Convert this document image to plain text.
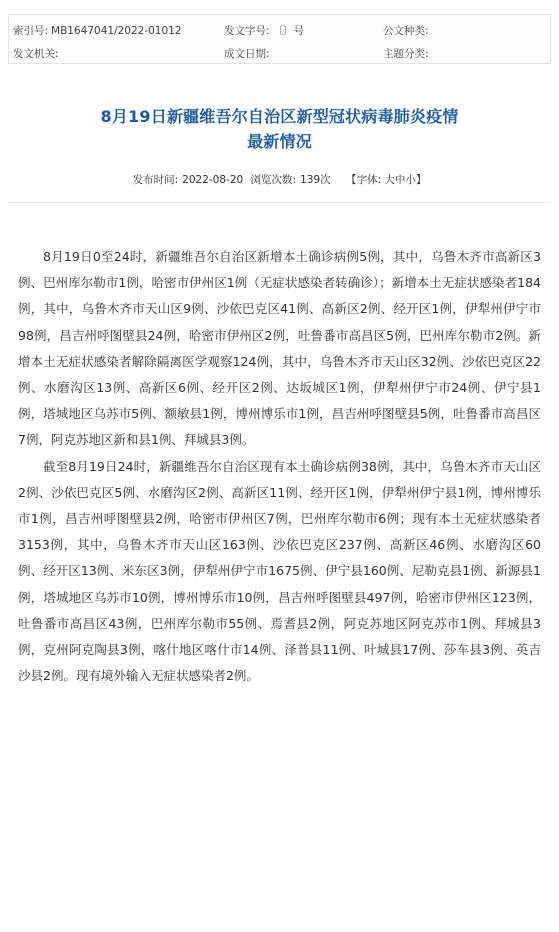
索引号: MB1647041/2022-01012	发文字号: 〔〕号	公文种类:
发文机关:	成文日期:	主题分类:
8月19日新疆维吾尔自治区新型冠状病毒肺炎疫情
最新情况
发布时间: 2022-08-20 浏览次数: 139次 【字体: 大中小】

8月19日0至24时，新疆维吾尔自治区新增本土确诊病例5例，其中，乌鲁木齐市高新区3例、巴州库尔勒市1例，哈密市伊州区1例（无症状感染者转确诊）；新增本土无症状感染者184例，其中，乌鲁木齐市天山区9例、沙依巴克区41例、高新区2例、经开区1例，伊犁州伊宁市98例，昌吉州呼图壁县24例，哈密市伊州区2例，吐鲁番市高昌区5例，巴州库尔勒市2例。新增本土无症状感染者解除隔离医学观察124例，其中，乌鲁木齐市天山区32例、沙依巴克区22例、水磨沟区13例、高新区6例、经开区2例、达坂城区1例，伊犁州伊宁市24例、伊宁县1例，塔城地区乌苏市5例、额敏县1例，博州博乐市1例，昌吉州呼图壁县5例，吐鲁番市高昌区7例，阿克苏地区新和县1例、拜城县3例。

截至8月19日24时，新疆维吾尔自治区现有本土确诊病例38例，其中，乌鲁木齐市天山区2例、沙依巴克区5例、水磨沟区2例、高新区11例、经开区1例，伊犁州伊宁县1例，博州博乐市1例，昌吉州呼图壁县2例，哈密市伊州区7例，巴州库尔勒市6例；现有本土无症状感染者3153例，其中，乌鲁木齐市天山区163例、沙依巴克区237例、高新区46例、水磨沟区60例、经开区13例、米东区3例，伊犁州伊宁市1675例、伊宁县160例、尼勒克县1例、新源县1例，塔城地区乌苏市10例，博州博乐市10例，昌吉州呼图壁县497例，哈密市伊州区123例，吐鲁番市高昌区43例，巴州库尔勒市55例、焉耆县2例，阿克苏地区阿克苏市1例、拜城县3例，克州阿克陶县3例，喀什地区喀什市14例、泽普县11例、叶城县17例、莎车县3例、英吉沙县2例。现有境外输入无症状感染者2例。
